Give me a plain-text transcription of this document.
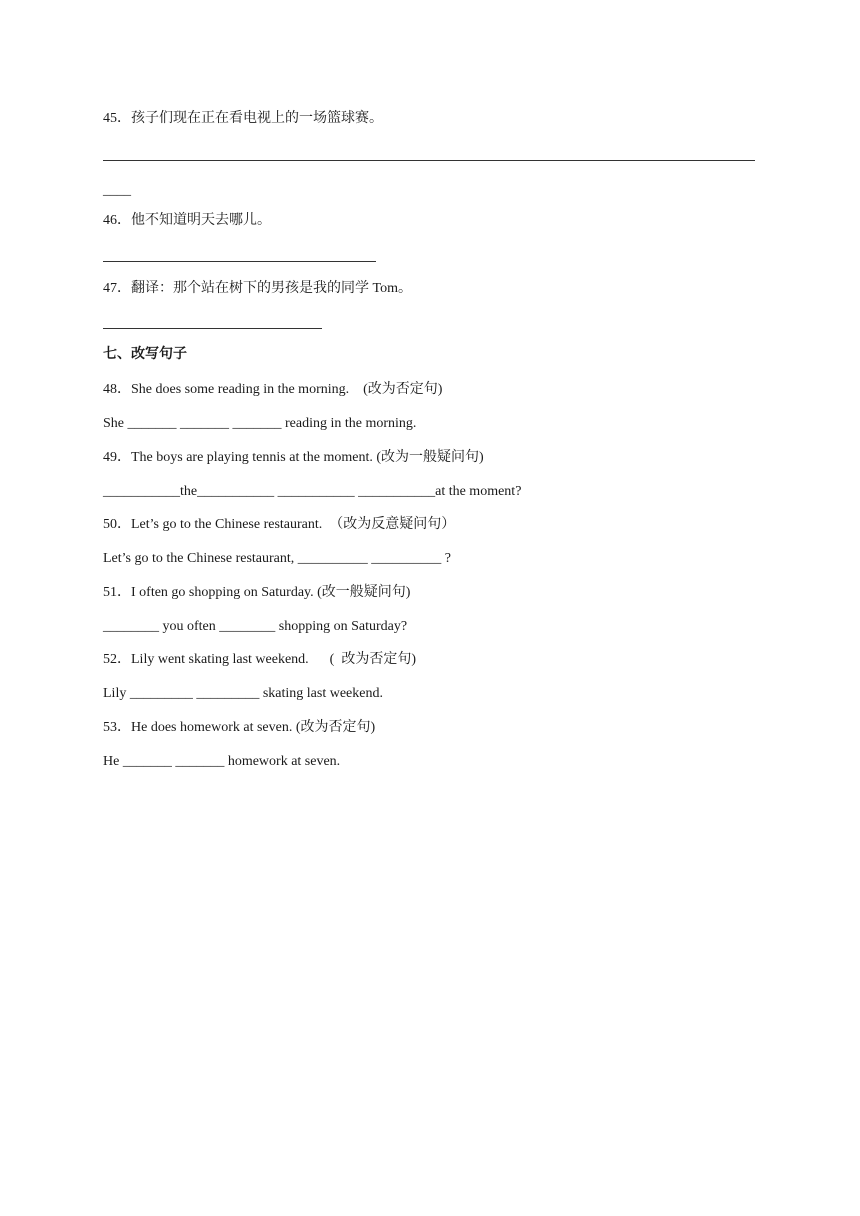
45．孩子们现在正在看电视上的一场篮球赛。
____
46．他不知道明天去哪儿。
47．翻译：那个站在树下的男孩是我的同学 Tom。
七、改写句子
48．She does some reading in the morning.    (改为否定句)
She _______ _______ _______ reading in the morning.
49．The boys are playing tennis at the moment. (改为一般疑问句)
___________the___________ ___________ ___________at the moment?
50．Let’s go to the Chinese restaurant.  （改为反意疑问句）
Let’s go to the Chinese restaurant, __________ __________ ?
51．I often go shopping on Saturday. (改一般疑问句)
________ you often ________ shopping on Saturday?
52．Lily went skating last weekend.      (  改为否定句)
Lily _________ _________ skating last weekend.
53．He does homework at seven. (改为否定句)
He _______ _______ homework at seven.
